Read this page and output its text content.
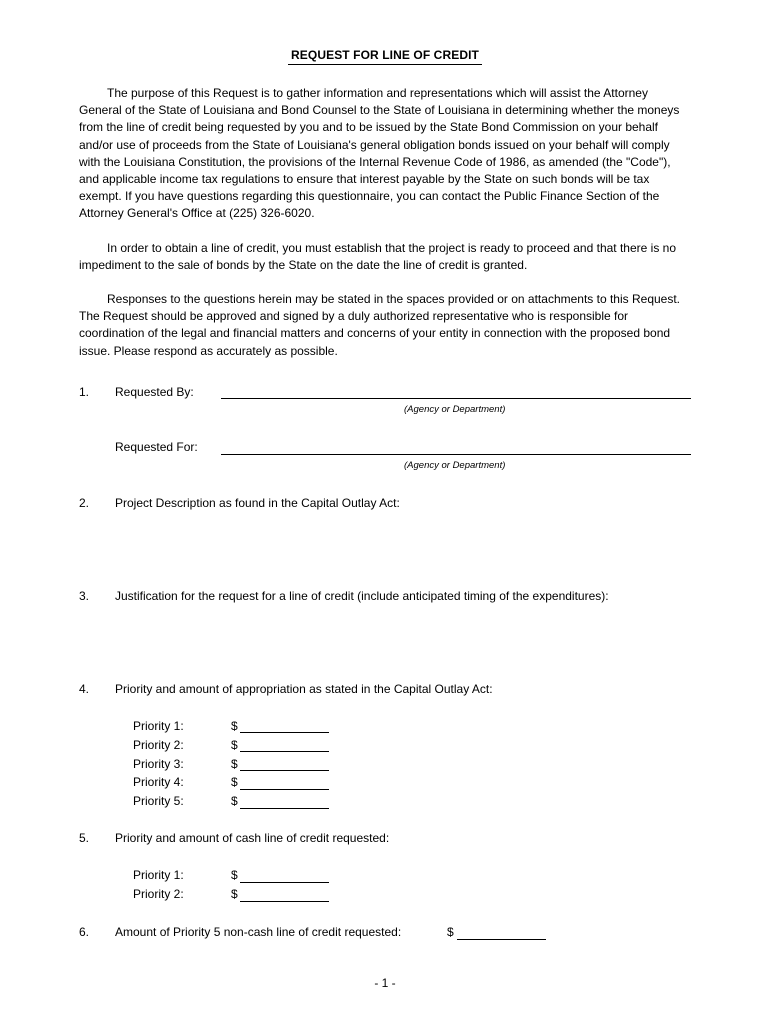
REQUEST FOR LINE OF CREDIT

The purpose of this Request is to gather information and representations which will assist the Attorney General of the State of Louisiana and Bond Counsel to the State of Louisiana in determining whether the moneys from the line of credit being requested by you and to be issued by the State Bond Commission on your behalf and/or use of proceeds from the State of Louisiana's general obligation bonds issued on your behalf will comply with the Louisiana Constitution, the provisions of the Internal Revenue Code of 1986, as amended (the "Code"), and applicable income tax regulations to ensure that interest payable by the State on such bonds will be tax exempt. If you have questions regarding this questionnaire, you can contact the Public Finance Section of the Attorney General's Office at (225) 326-6020.

In order to obtain a line of credit, you must establish that the project is ready to proceed and that there is no impediment to the sale of bonds by the State on the date the line of credit is granted.

Responses to the questions herein may be stated in the spaces provided or on attachments to this Request. The Request should be approved and signed by a duly authorized representative who is responsible for coordination of the legal and financial matters and concerns of your entity in connection with the proposed bond issue. Please respond as accurately as possible.

1. Requested By:
(Agency or Department)
Requested For:
(Agency or Department)
2. Project Description as found in the Capital Outlay Act:
3. Justification for the request for a line of credit (include anticipated timing of the expenditures):
4. Priority and amount of appropriation as stated in the Capital Outlay Act:
Priority 1:	$
Priority 2:	$
Priority 3:	$
Priority 4:	$
Priority 5:	$
5. Priority and amount of cash line of credit requested:
Priority 1:	$
Priority 2:	$
6. Amount of Priority 5 non-cash line of credit requested:	$
- 1 -
